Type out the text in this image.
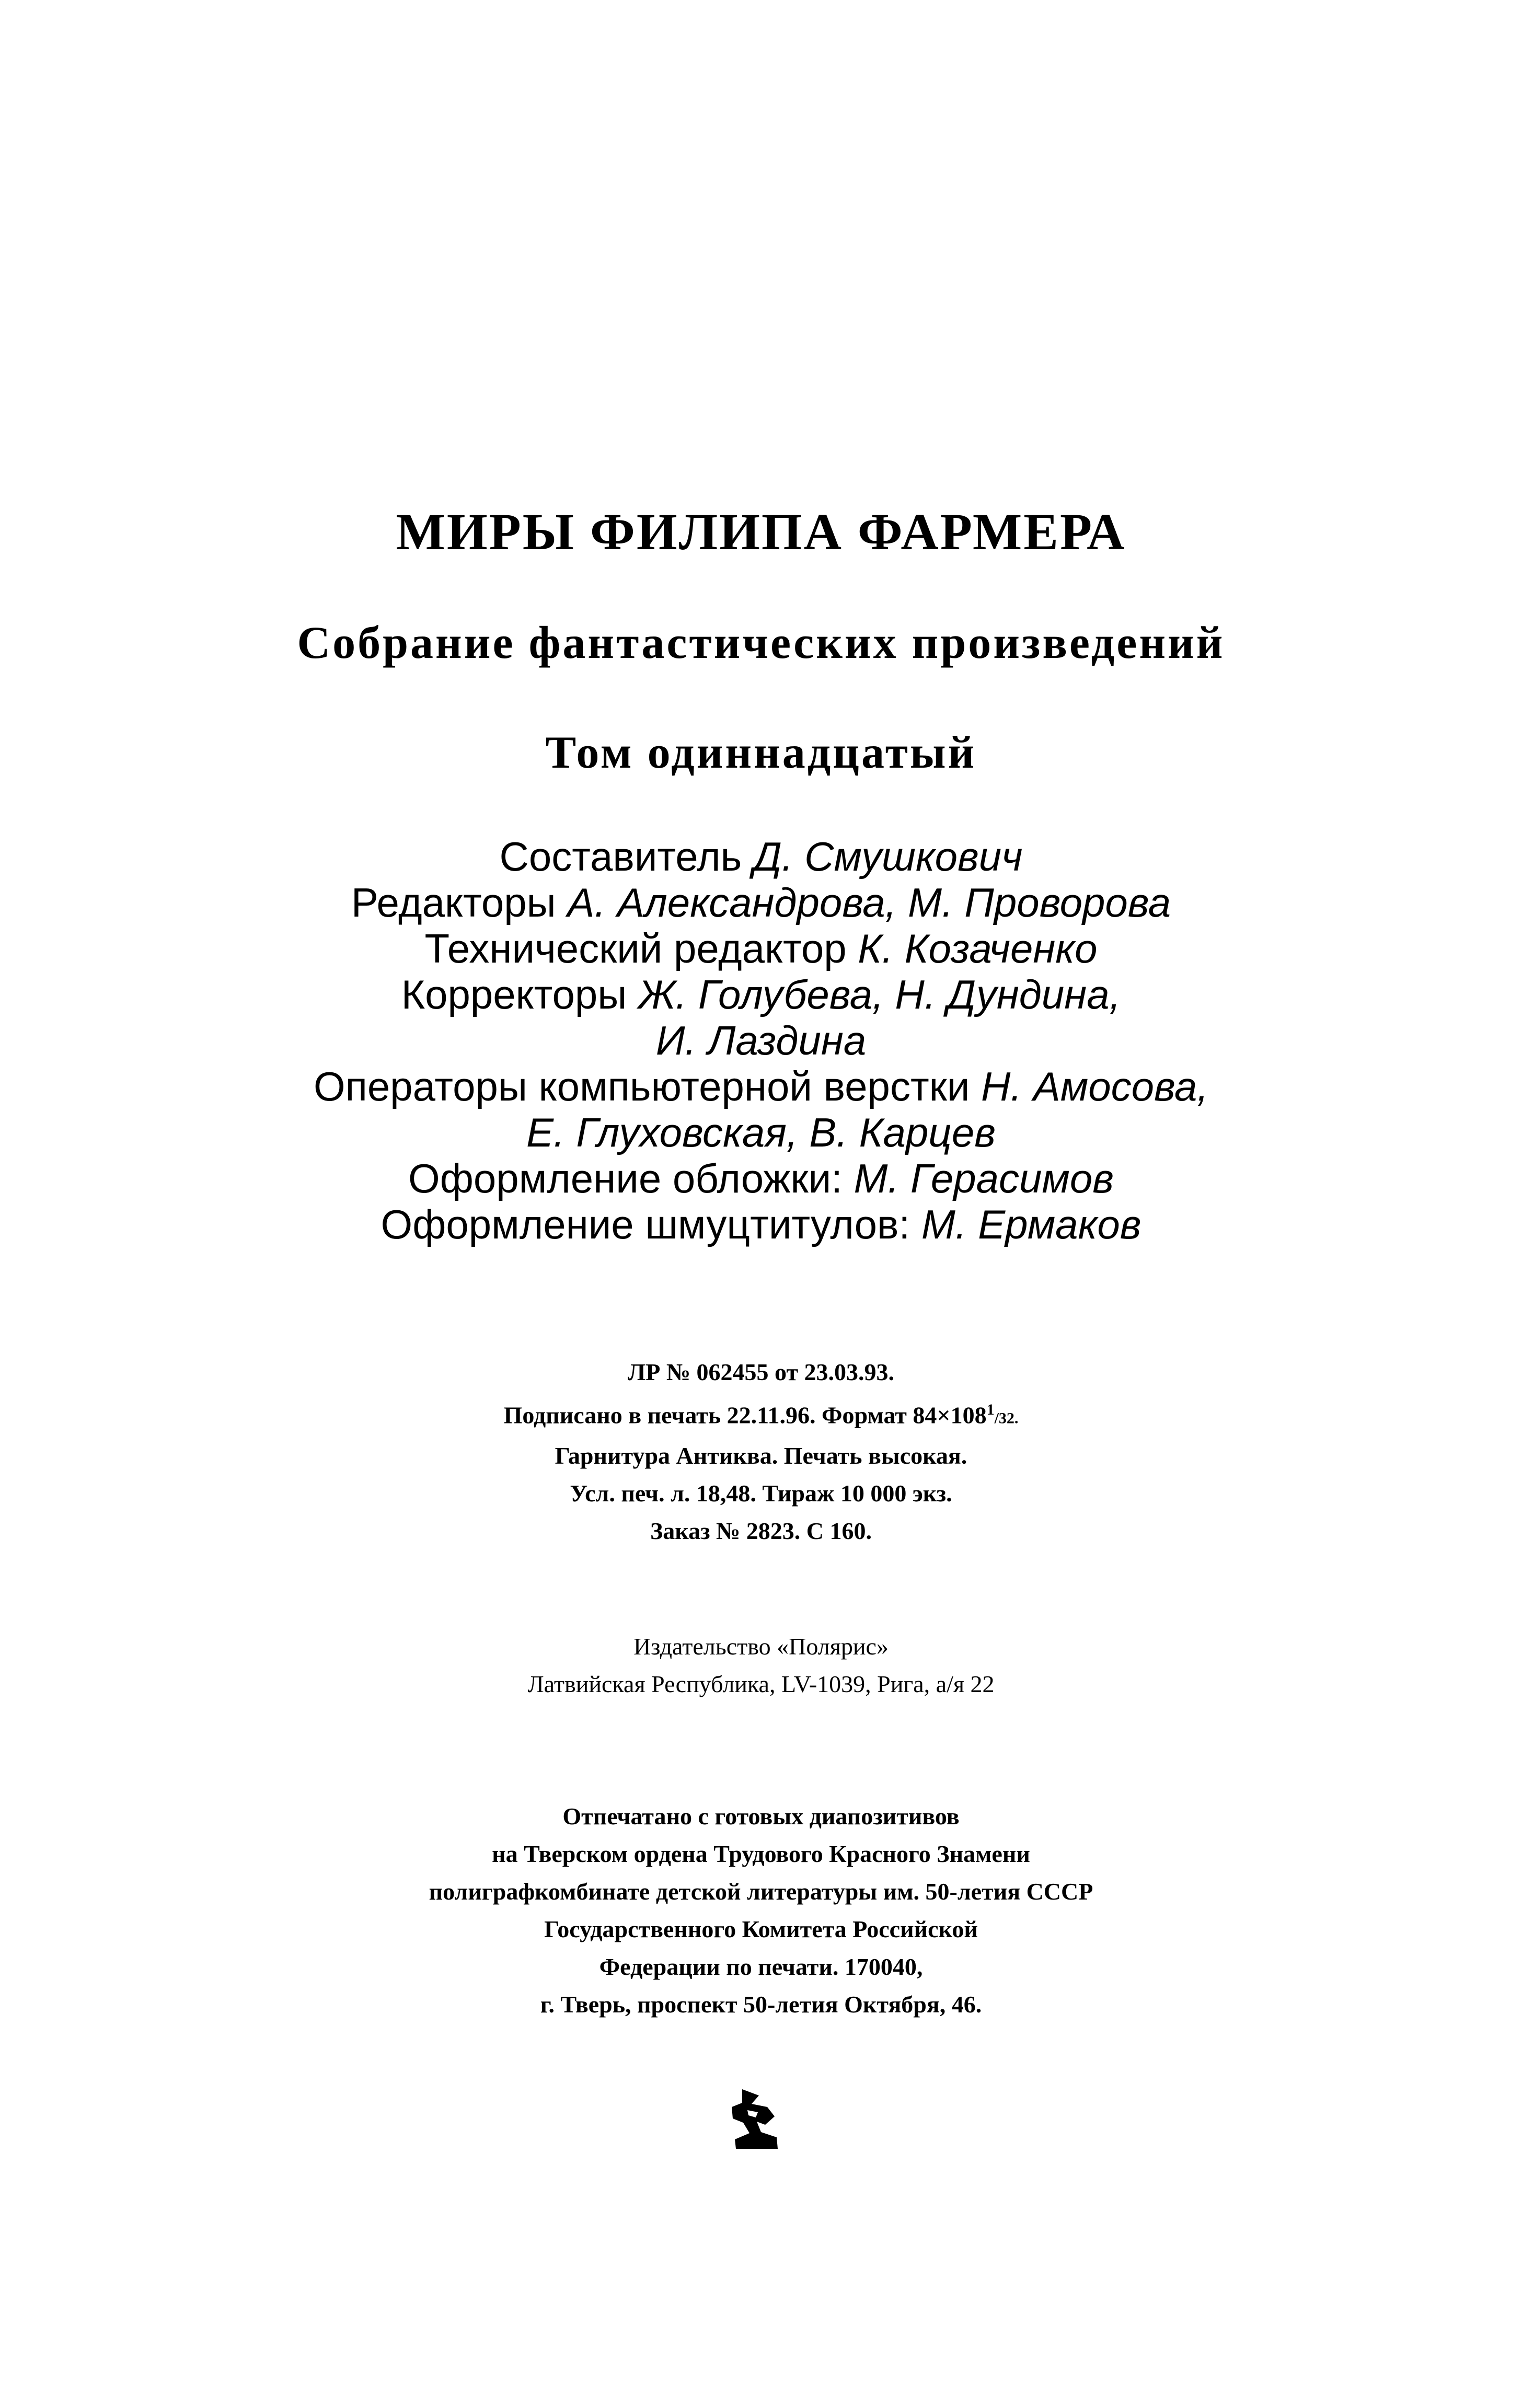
МИРЫ ФИЛИПА ФАРМЕРА
Собрание фантастических произведений
Том одиннадцатый
Составитель Д. Смушкович
Редакторы А. Александрова, М. Проворова
Технический редактор К. Козаченко
Корректоры Ж. Голубева, Н. Дундина,
И. Лаздина
Операторы компьютерной верстки Н. Амосова,
Е. Глуховская, В. Карцев
Оформление обложки: М. Герасимов
Оформление шмуцтитулов: М. Ермаков
ЛР № 062455 от 23.03.93.
Подписано в печать 22.11.96. Формат $84\times 108^1/32$.
Гарнитура Антиква. Печать высокая.
Усл. печ. л. 18,48. Тираж 10 000 экз.
Заказ № 2823. С 160.
Издательство «Полярис»
Латвийская Республика, LV-1039, Рига, а/я 22
Отпечатано с готовых диапозитивов
на Тверском ордена Трудового Красного Знамени
полиграфкомбинате детской литературы им. 50-летия СССР
Государственного Комитета Российской
Федерации по печати. 170040,
г. Тверь, проспект 50-летия Октября, 46.
